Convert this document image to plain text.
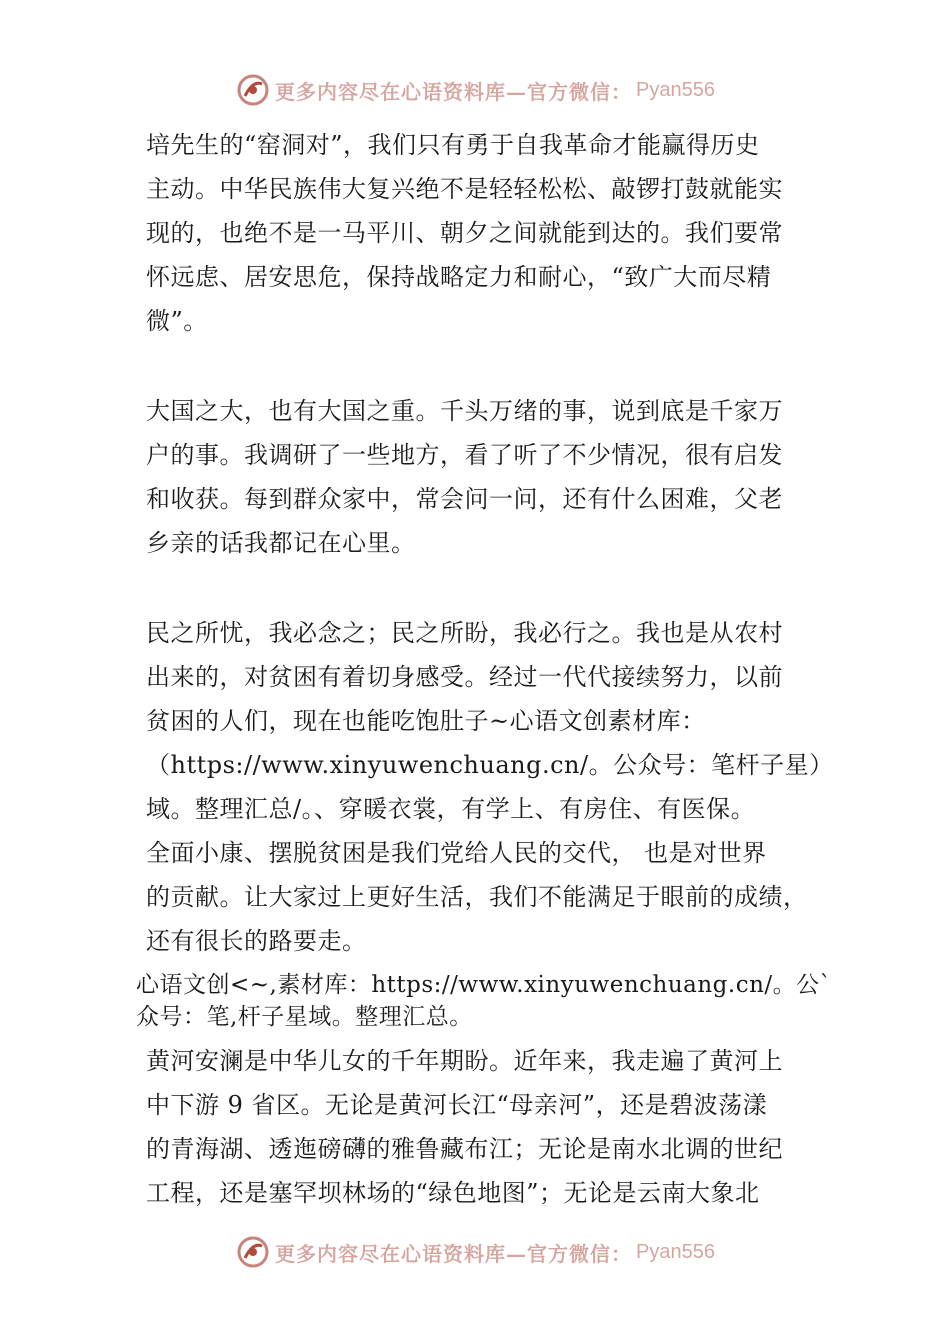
更多内容尽在心语资料库—官方微信： Pyan556
培先生的“窑洞对”，我们只有勇于自我革命才能赢得历史
主动。中华民族伟大复兴绝不是轻轻松松、敲锣打鼓就能实
现的，也绝不是一马平川、朝夕之间就能到达的。我们要常
怀远虑、居安思危，保持战略定力和耐心，“致广大而尽精
微”。
大国之大，也有大国之重。千头万绪的事，说到底是千家万
户的事。我调研了一些地方，看了听了不少情况，很有启发
和收获。每到群众家中，常会问一问，还有什么困难，父老
乡亲的话我都记在心里。
民之所忧，我必念之；民之所盼，我必行之。我也是从农村
出来的，对贫困有着切身感受。经过一代代接续努力，以前
贫困的人们，现在也能吃饱肚子~心语文创素材库：
（https://www.xinyuwenchuang.cn/。公众号：笔杆子星）
域。整理汇总/。、穿暖衣裳，有学上、有房住、有医保。
全面小康、摆脱贫困是我们党给人民的交代， 也是对世界
的贡献。让大家过上更好生活，我们不能满足于眼前的成绩，
还有很长的路要走。
心语文创<~,素材库：https://www.xinyuwenchuang.cn/。公`
众号：笔,杆子星域。整理汇总。
黄河安澜是中华儿女的千年期盼。近年来，我走遍了黄河上
中下游 9 省区。无论是黄河长江“母亲河”，还是碧波荡漾
的青海湖、透迤磅礴的雅鲁藏布江；无论是南水北调的世纪
工程，还是塞罕坝林场的“绿色地图”；无论是云南大象北
更多内容尽在心语资料库—官方微信： Pyan556
